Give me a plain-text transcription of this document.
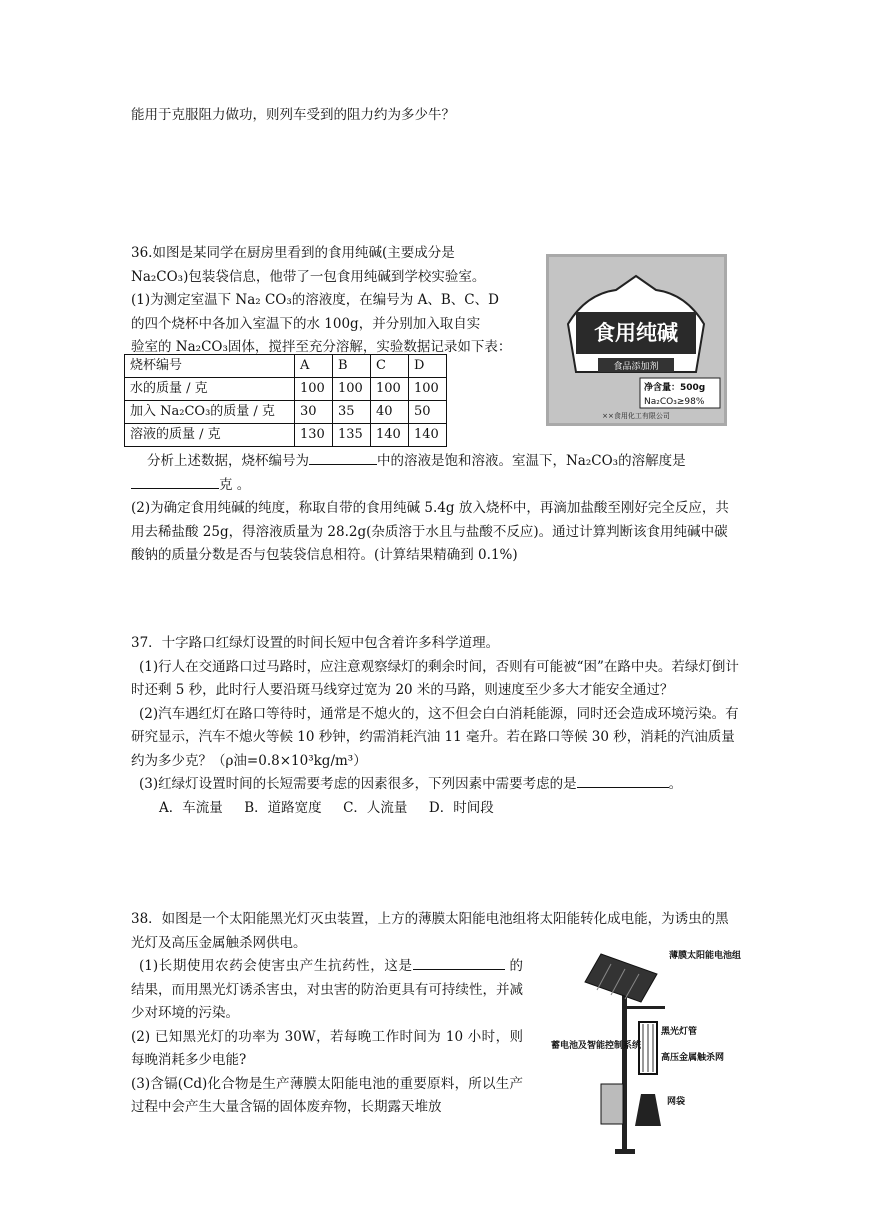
能用于克服阻力做功，则列车受到的阻力约为多少牛？

36.如图是某同学在厨房里看到的食用纯碱(主要成分是

Na₂CO₃)包装袋信息，他带了一包食用纯碱到学校实验室。

(1)为测定室温下 Na₂ CO₃的溶液度，在编号为 A、B、C、D

的四个烧杯中各加入室温下的水 100g，并分别加入取自实

验室的 Na₂CO₃固体，搅拌至充分溶解，实验数据记录如下表：

烧杯编号	A	B	C	D
水的质量 / 克	100	100	100	100
加入 Na₂CO₃的质量 / 克	30	35	40	50
溶液的质量 / 克	130	135	140	140
食用纯碱
食品添加剂
净含量：500g
Na₂CO₃≥98%
××食用化工有限公司

分析上述数据，烧杯编号为	中的溶液是饱和溶液。室温下，Na₂CO₃的溶解度是

克 。

(2)为确定食用纯碱的纯度，称取自带的食用纯碱 5.4g 放入烧杯中，再滴加盐酸至刚好完全反应，共用去稀盐酸 25g，得溶液质量为 28.2g(杂质溶于水且与盐酸不反应)。通过计算判断该食用纯碱中碳酸钠的质量分数是否与包装袋信息相符。(计算结果精确到 0.1%)

37．十字路口红绿灯设置的时间长短中包含着许多科学道理。

(1)行人在交通路口过马路时，应注意观察绿灯的剩余时间，否则有可能被“困”在路中央。若绿灯倒计时还剩 5 秒，此时行人要沿斑马线穿过宽为 20 米的马路，则速度至少多大才能安全通过？

(2)汽车遇红灯在路口等待时，通常是不熄火的，这不但会白白消耗能源，同时还会造成环境污染。有研究显示，汽车不熄火等候 10 秒钟，约需消耗汽油 11 毫升。若在路口等候 30 秒，消耗的汽油质量约为多少克？（ρ油=0.8×10³kg/m³）

(3)红绿灯设置时间的长短需要考虑的因素很多，下列因素中需要考虑的是	。

A．车流量     B．道路宽度     C．人流量     D．时间段

38．如图是一个太阳能黑光灯灭虫装置，上方的薄膜太阳能电池组将太阳能转化成电能，为诱虫的黑光灯及高压金属触杀网供电。

(1)长期使用农药会使害虫产生抗药性，这是	的结果，而用黑光灯诱杀害虫，对虫害的防治更具有可持续性，并减少对环境的污染。

(2) 已知黑光灯的功率为 30W，若每晚工作时间为 10 小时，则每晚消耗多少电能?

(3)含镉(Cd)化合物是生产薄膜太阳能电池的重要原料，所以生产过程中会产生大量含镉的固体废弃物，长期露天堆放

薄膜太阳能电池组
蓄电池及智能控制系统
黑光灯管
高压金属触杀网
网袋
